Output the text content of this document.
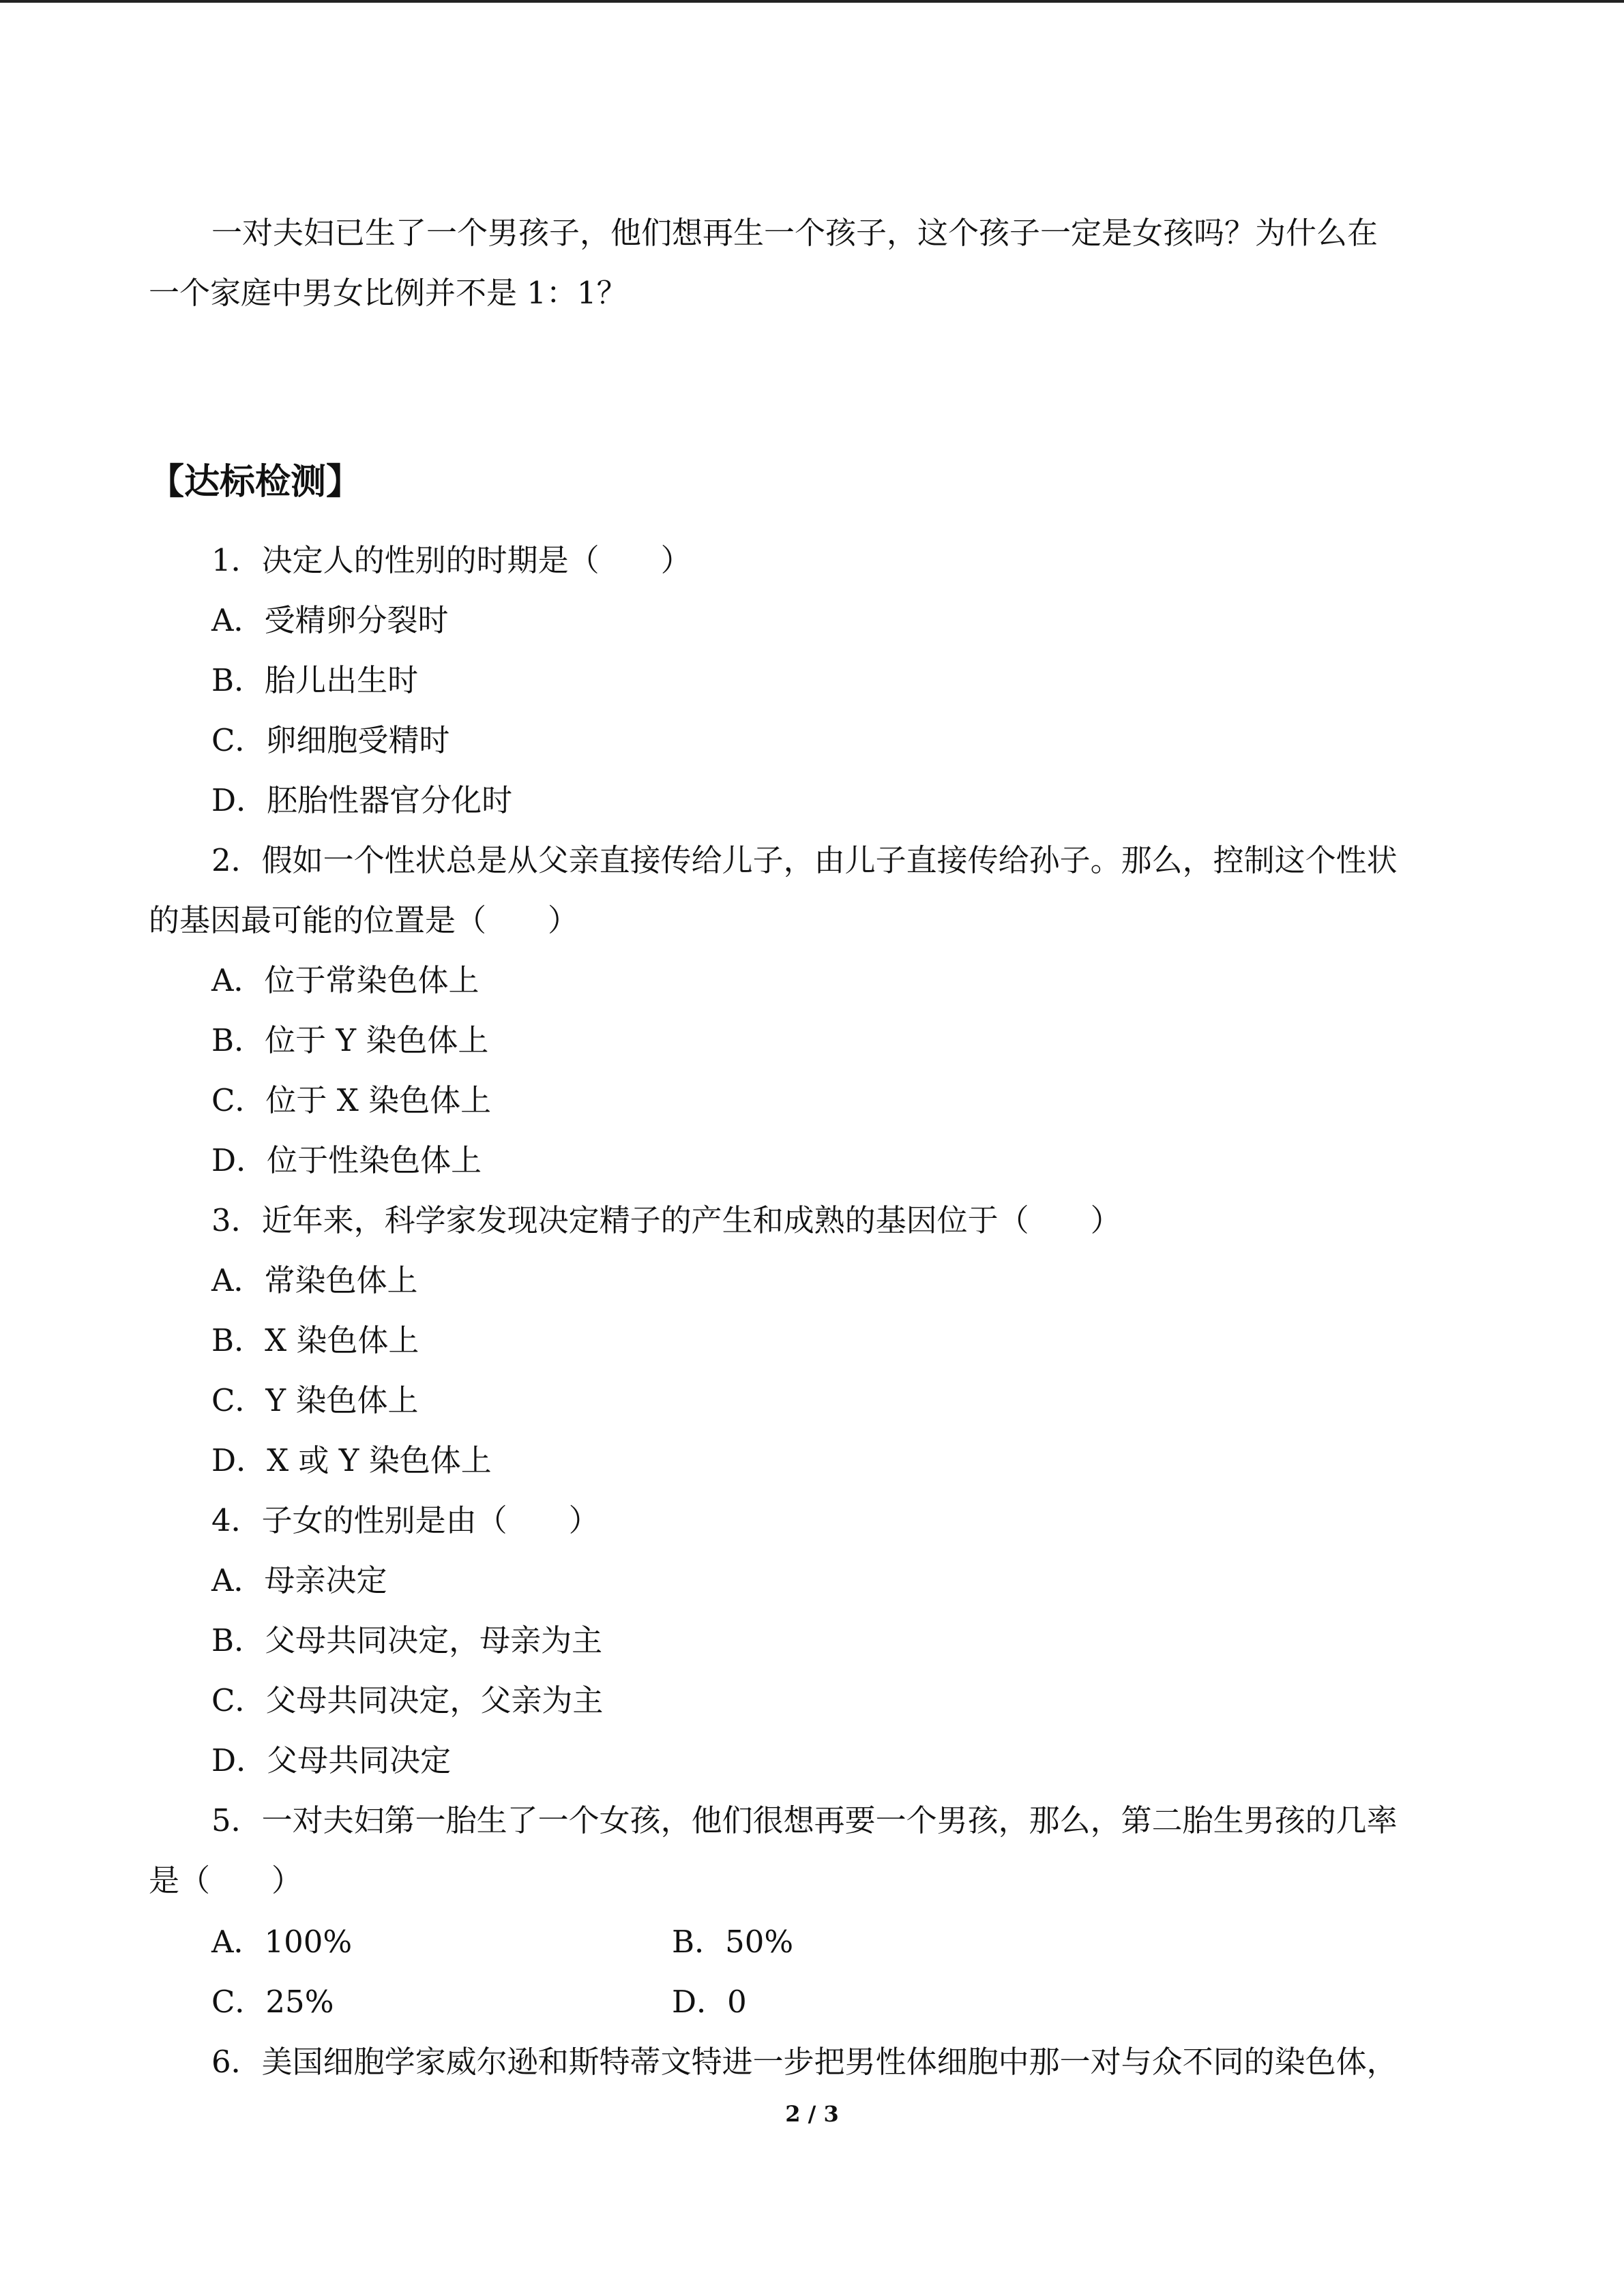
一对夫妇已生了一个男孩子，他们想再生一个孩子，这个孩子一定是女孩吗？为什么在
一个家庭中男女比例并不是 1：1？
【达标检测】
1．决定人的性别的时期是（　　）
A．受精卵分裂时
B．胎儿出生时
C．卵细胞受精时
D．胚胎性器官分化时
2．假如一个性状总是从父亲直接传给儿子，由儿子直接传给孙子。那么，控制这个性状
的基因最可能的位置是（　　）
A．位于常染色体上
B．位于 Y 染色体上
C．位于 X 染色体上
D．位于性染色体上
3．近年来，科学家发现决定精子的产生和成熟的基因位于（　　）
A．常染色体上
B．X 染色体上
C．Y 染色体上
D．X 或 Y 染色体上
4．子女的性别是由（　　）
A．母亲决定
B．父母共同决定，母亲为主
C．父母共同决定，父亲为主
D．父母共同决定
5．一对夫妇第一胎生了一个女孩，他们很想再要一个男孩，那么，第二胎生男孩的几率
是（　　）
A．100%	B．50%
C．25%	D．0
6．美国细胞学家威尔逊和斯特蒂文特进一步把男性体细胞中那一对与众不同的染色体，
2 / 3
